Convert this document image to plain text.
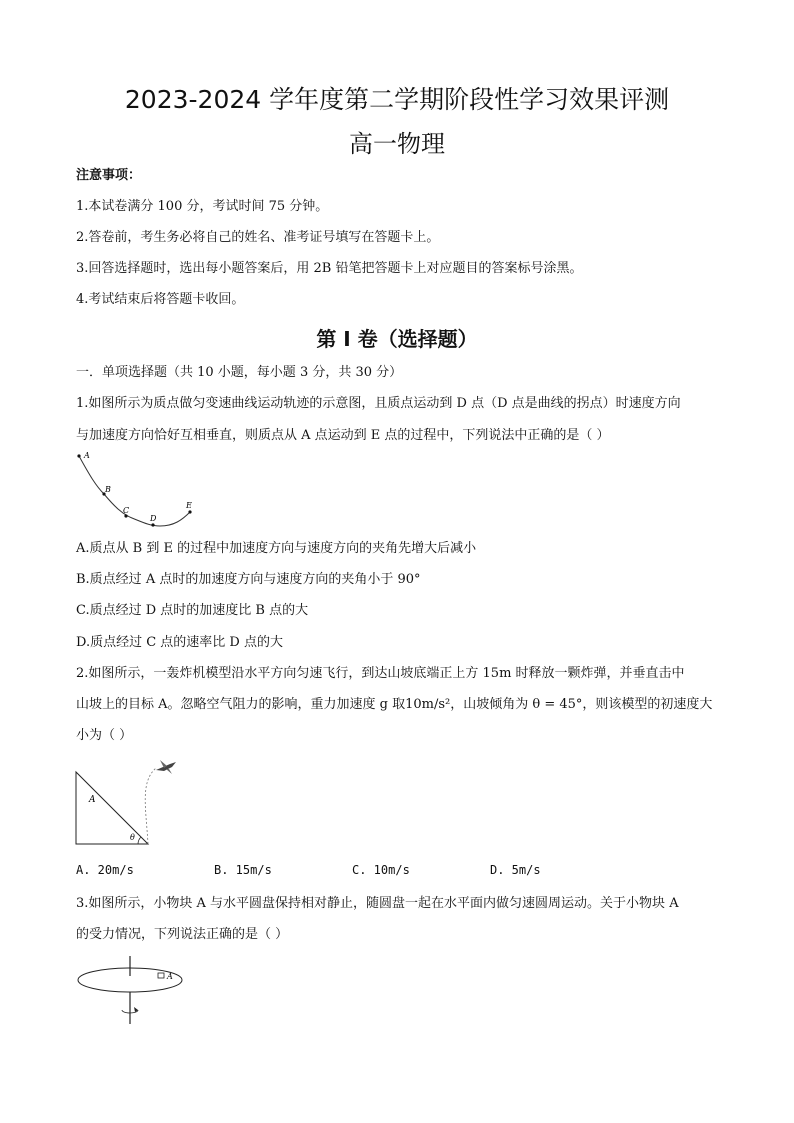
2023-2024 学年度第二学期阶段性学习效果评测
高一物理
注意事项：
1.本试卷满分 100 分，考试时间 75 分钟。
2.答卷前，考生务必将自己的姓名、准考证号填写在答题卡上。
3.回答选择题时，选出每小题答案后，用 2B 铅笔把答题卡上对应题目的答案标号涂黑。
4.考试结束后将答题卡收回。
第 I 卷（选择题）
一．单项选择题（共 10 小题，每小题 3 分，共 30 分）
1.如图所示为质点做匀变速曲线运动轨迹的示意图，且质点运动到 D 点（D 点是曲线的拐点）时速度方向
与加速度方向恰好互相垂直，则质点从 A 点运动到 E 点的过程中，下列说法中正确的是（ ）
A
B
C
D
E
A.质点从 B 到 E 的过程中加速度方向与速度方向的夹角先增大后减小
B.质点经过 A 点时的加速度方向与速度方向的夹角小于 90°
C.质点经过 D 点时的加速度比 B 点的大
D.质点经过 C 点的速率比 D 点的大
2.如图所示，一轰炸机模型沿水平方向匀速飞行，到达山坡底端正上方 15m 时释放一颗炸弹，并垂直击中
山坡上的目标 A。忽略空气阻力的影响，重力加速度 g 取10m/s²，山坡倾角为 θ = 45°，则该模型的初速度大
小为（ ）
A
θ
A. 20m/s	B. 15m/s	C. 10m/s	D. 5m/s
3.如图所示，小物块 A 与水平圆盘保持相对静止，随圆盘一起在水平面内做匀速圆周运动。关于小物块 A
的受力情况，下列说法正确的是（ ）
A
